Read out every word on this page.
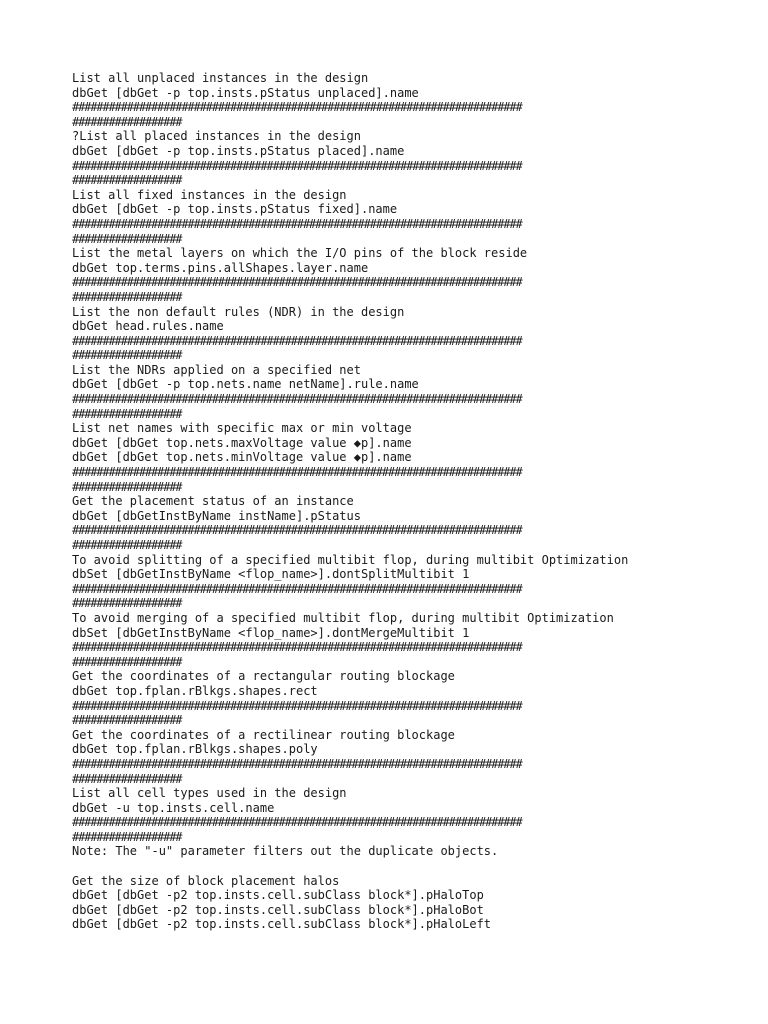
List all unplaced instances in the design
dbGet [dbGet -p top.insts.pStatus unplaced].name
##########################################################################
##################
?List all placed instances in the design
dbGet [dbGet -p top.insts.pStatus placed].name
##########################################################################
##################
List all fixed instances in the design
dbGet [dbGet -p top.insts.pStatus fixed].name
##########################################################################
##################
List the metal layers on which the I/O pins of the block reside
dbGet top.terms.pins.allShapes.layer.name
##########################################################################
##################
List the non default rules (NDR) in the design
dbGet head.rules.name
##########################################################################
##################
List the NDRs applied on a specified net
dbGet [dbGet -p top.nets.name netName].rule.name
##########################################################################
##################
List net names with specific max or min voltage
dbGet [dbGet top.nets.maxVoltage value ◆p].name
dbGet [dbGet top.nets.minVoltage value ◆p].name
##########################################################################
##################
Get the placement status of an instance
dbGet [dbGetInstByName instName].pStatus
##########################################################################
##################
To avoid splitting of a specified multibit flop, during multibit Optimization
dbSet [dbGetInstByName <flop_name>].dontSplitMultibit 1
##########################################################################
##################
To avoid merging of a specified multibit flop, during multibit Optimization
dbSet [dbGetInstByName <flop_name>].dontMergeMultibit 1
##########################################################################
##################
Get the coordinates of a rectangular routing blockage
dbGet top.fplan.rBlkgs.shapes.rect
##########################################################################
##################
Get the coordinates of a rectilinear routing blockage
dbGet top.fplan.rBlkgs.shapes.poly
##########################################################################
##################
List all cell types used in the design
dbGet -u top.insts.cell.name
##########################################################################
##################
Note: The "-u" parameter filters out the duplicate objects.
Get the size of block placement halos
dbGet [dbGet -p2 top.insts.cell.subClass block*].pHaloTop
dbGet [dbGet -p2 top.insts.cell.subClass block*].pHaloBot
dbGet [dbGet -p2 top.insts.cell.subClass block*].pHaloLeft
